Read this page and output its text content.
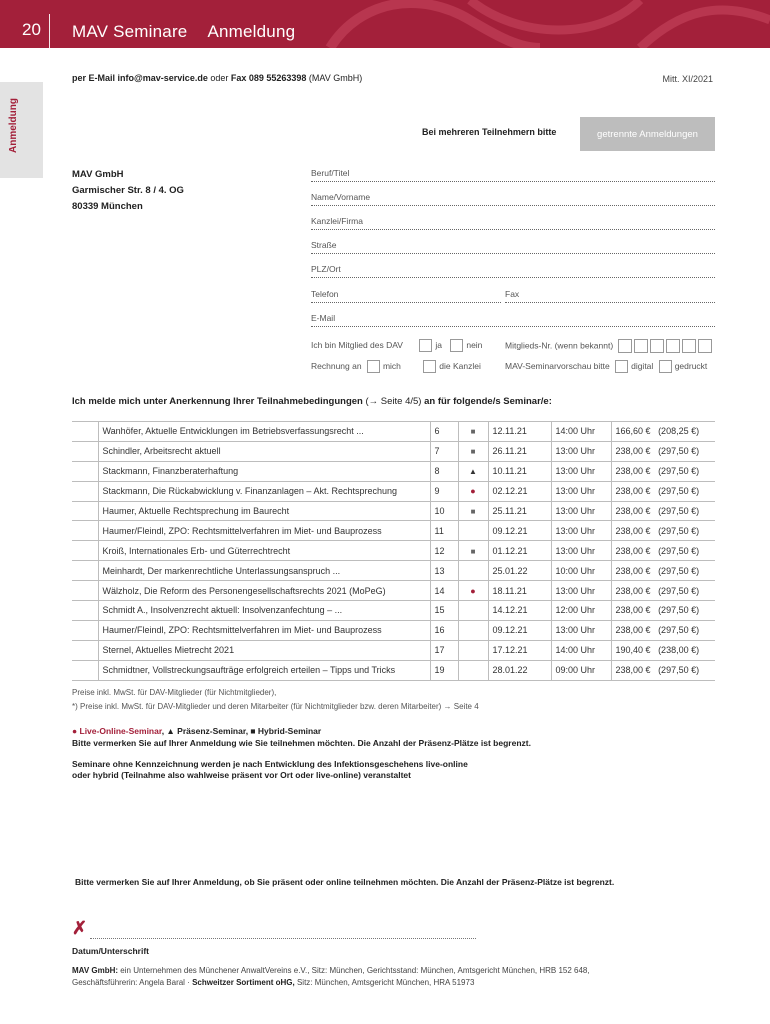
20 MAV Seminare Anmeldung
Anmeldung
per E-Mail info@mav-service.de oder Fax 089 55263398 (MAV GmbH)	Mitt. XI/2021
Bei mehreren Teilnehmern bitte	getrennte Anmeldungen
MAV GmbH
Garmischer Str. 8 / 4. OG
80339 München
Beruf/Titel
Name/Vorname
Kanzlei/Firma
Straße
PLZ/Ort
Telefon	Fax
E-Mail
Ich bin Mitglied des DAV	ja	nein	Mitglieds-Nr. (wenn bekannt)
Rechnung an	mich	die Kanzlei	MAV-Seminarvorschau bitte	digital	gedruckt
Ich melde mich unter Anerkennung Ihrer Teilnahmebedingungen (→ Seite 4/5) an für folgende/s Seminar/e:
	Wanhöfer, Aktuelle Entwicklungen im Betriebsverfassungsrecht ...	6	■	12.11.21	14:00 Uhr	166,60 € (208,25 €)
	Schindler, Arbeitsrecht aktuell	7	■	26.11.21	13:00 Uhr	238,00 € (297,50 €)
	Stackmann, Finanzberaterhaftung	8	▲	10.11.21	13:00 Uhr	238,00 € (297,50 €)
	Stackmann, Die Rückabwicklung v. Finanzanlagen – Akt. Rechtsprechung	9	●	02.12.21	13:00 Uhr	238,00 € (297,50 €)
	Haumer, Aktuelle Rechtsprechung im Baurecht	10	■	25.11.21	13:00 Uhr	238,00 € (297,50 €)
	Haumer/Fleindl, ZPO: Rechtsmittelverfahren im Miet- und Bauprozess	11		09.12.21	13:00 Uhr	238,00 € (297,50 €)
	Kroiß, Internationales Erb- und Güterrechtrecht	12	■	01.12.21	13:00 Uhr	238,00 € (297,50 €)
	Meinhardt, Der markenrechtliche Unterlassungsanspruch ...	13		25.01.22	10:00 Uhr	238,00 € (297,50 €)
	Wälzholz, Die Reform des Personengesellschaftsrechts 2021 (MoPeG)	14	●	18.11.21	13:00 Uhr	238,00 € (297,50 €)
	Schmidt A., Insolvenzrecht aktuell: Insolvenzanfechtung – ...	15		14.12.21	12:00 Uhr	238,00 € (297,50 €)
	Haumer/Fleindl, ZPO: Rechtsmittelverfahren im Miet- und Bauprozess	16		09.12.21	13:00 Uhr	238,00 € (297,50 €)
	Sternel, Aktuelles Mietrecht 2021	17		17.12.21	14:00 Uhr	190,40 € (238,00 €)
	Schmidtner, Vollstreckungsaufträge erfolgreich erteilen – Tipps und Tricks	19		28.01.22	09:00 Uhr	238,00 € (297,50 €)
Preise inkl. MwSt. für DAV-Mitglieder (für Nichtmitglieder),
*) Preise inkl. MwSt. für DAV-Mitglieder und deren Mitarbeiter (für Nichtmitglieder bzw. deren Mitarbeiter) → Seite 4
● Live-Online-Seminar, ▲ Präsenz-Seminar, ■ Hybrid-Seminar
Bitte vermerken Sie auf Ihrer Anmeldung wie Sie teilnehmen möchten. Die Anzahl der Präsenz-Plätze ist begrenzt.
Seminare ohne Kennzeichnung werden je nach Entwicklung des Infektionsgeschehens live-online
oder hybrid (Teilnahme also wahlweise präsent vor Ort oder live-online) veranstaltet
Bitte vermerken Sie auf Ihrer Anmeldung, ob Sie präsent oder online teilnehmen möchten. Die Anzahl der Präsenz-Plätze ist begrenzt.
✗
Datum/Unterschrift
MAV GmbH: ein Unternehmen des Münchener AnwaltVereins e.V., Sitz: München, Gerichtsstand: München, Amtsgericht München, HRB 152 648,
Geschäftsführerin: Angela Baral · Schweitzer Sortiment oHG, Sitz: München, Amtsgericht München, HRA 51973
